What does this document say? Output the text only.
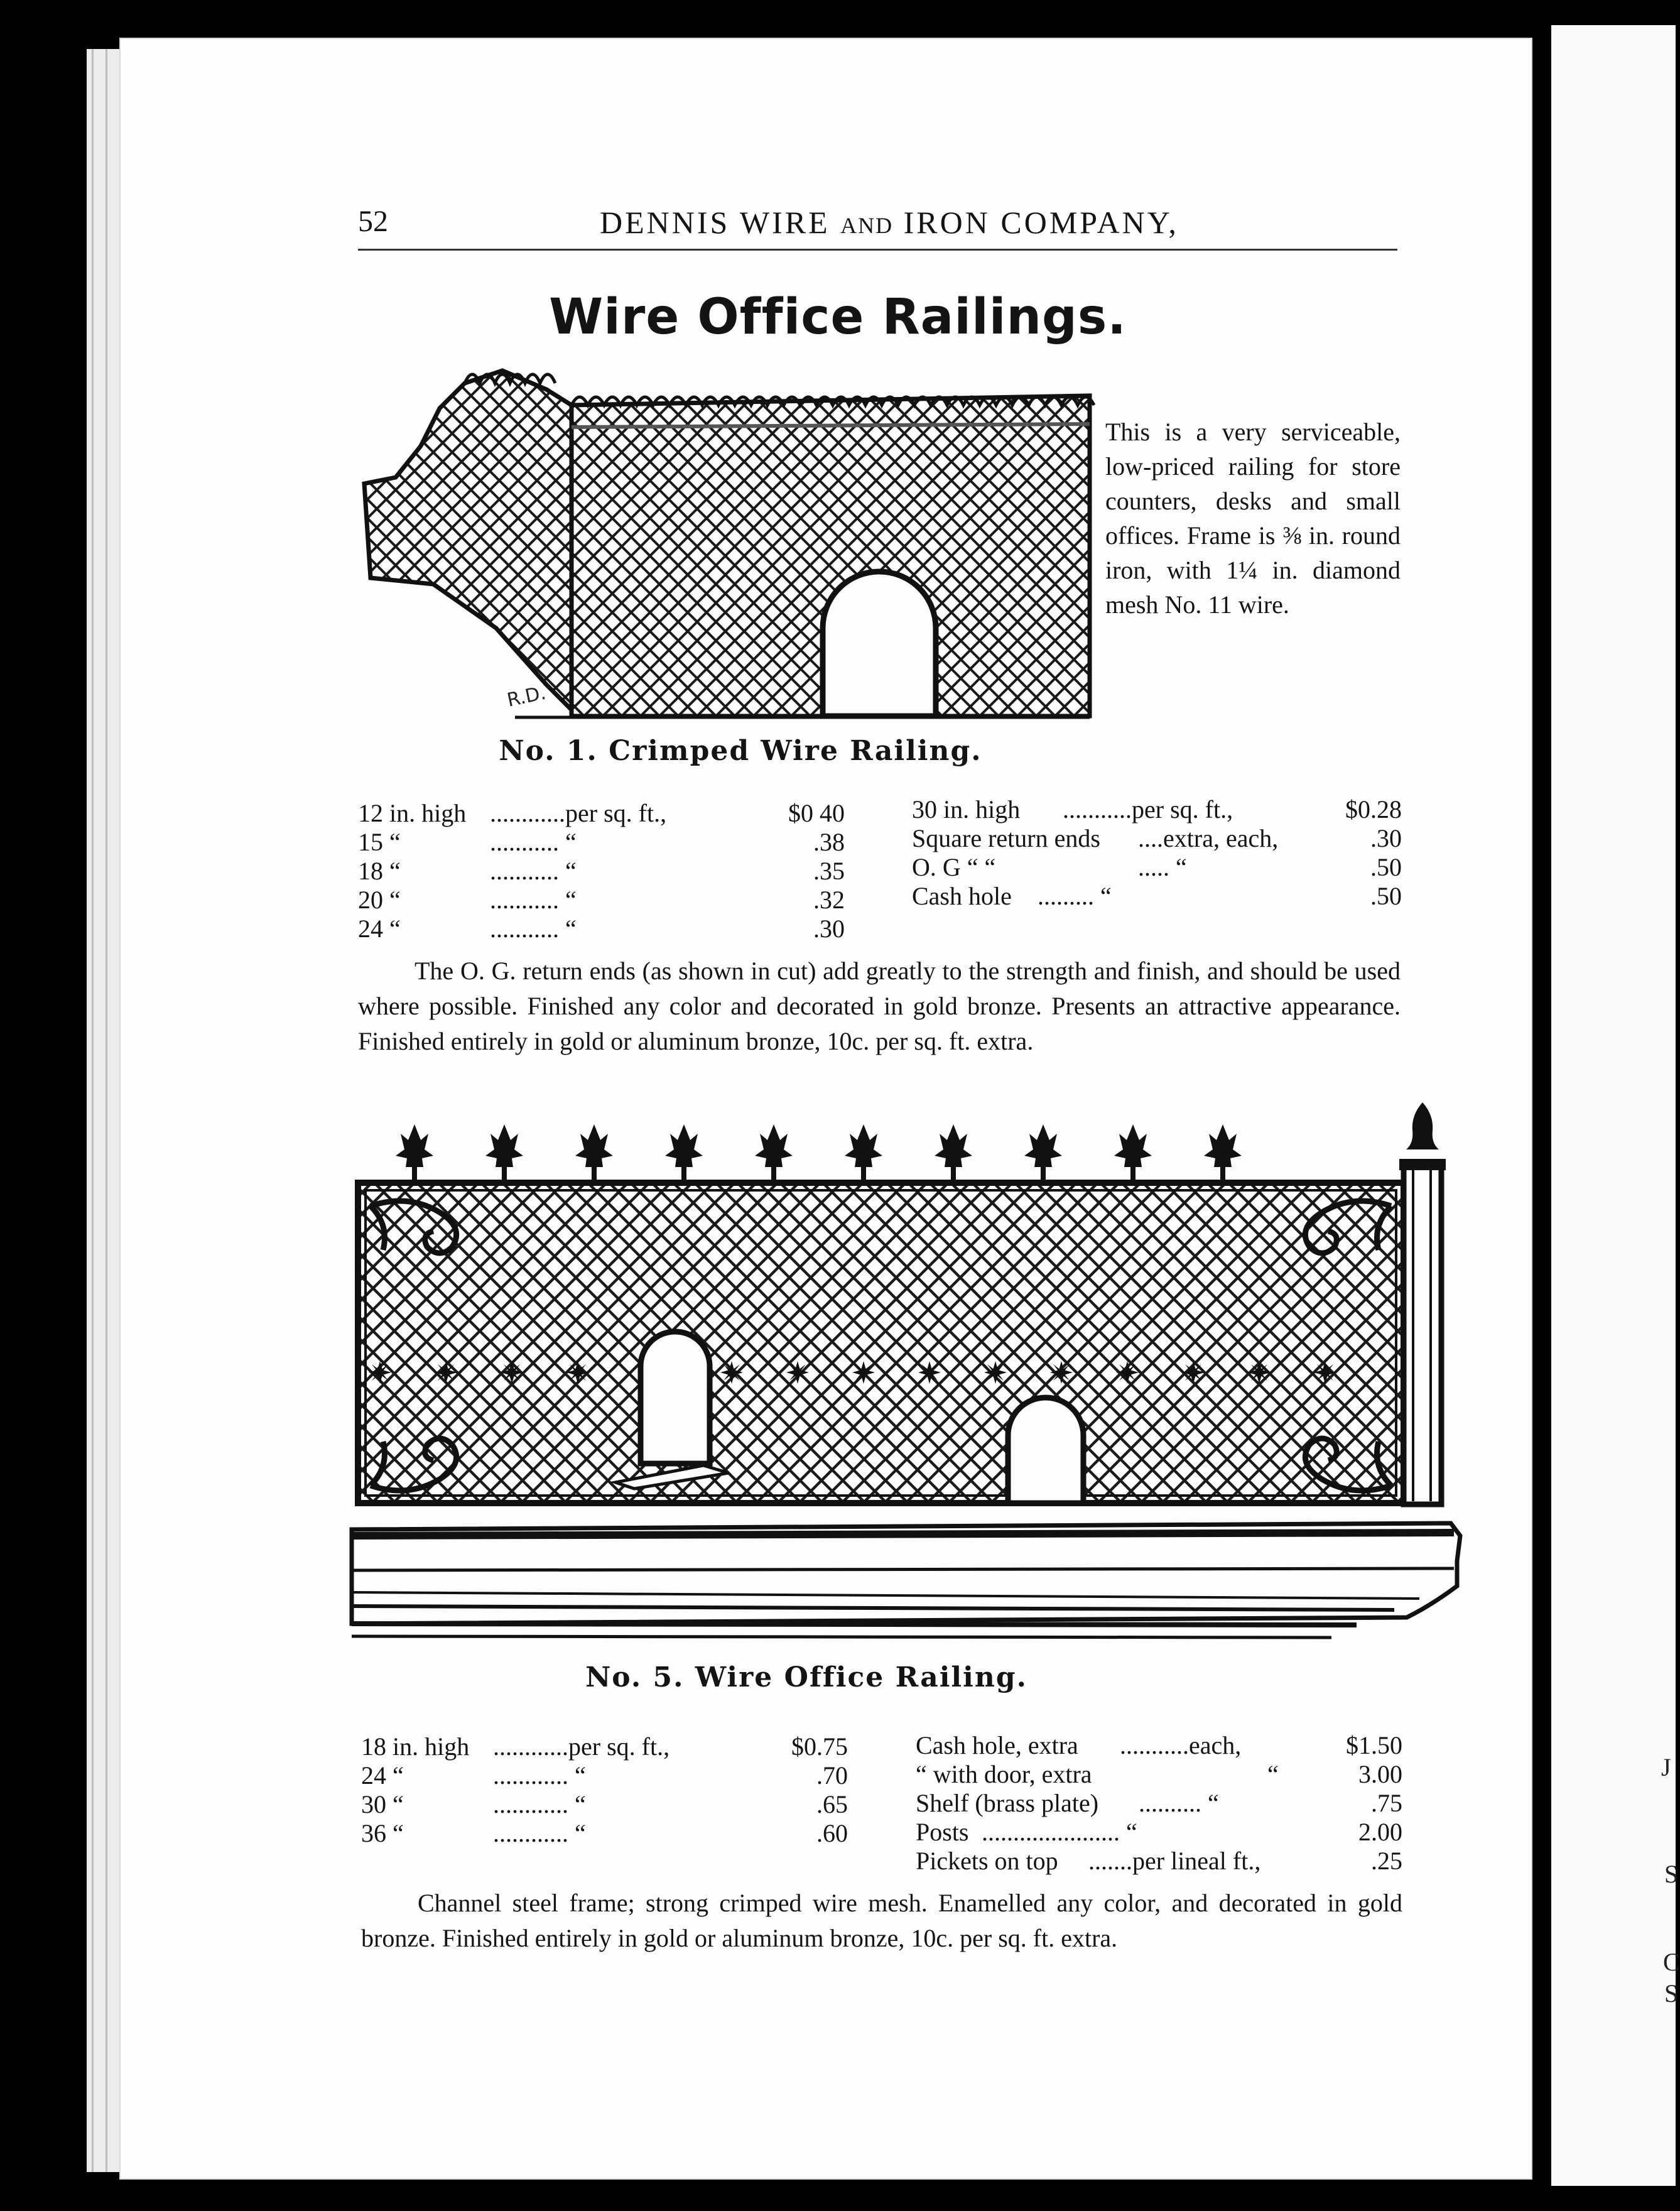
J
S
C
S
52	DENNIS WIRE AND IRON COMPANY,
Wire Office Railings.
R.D.
This is a very serviceable, low-priced railing for store counters, desks and small offices. Frame is ⅜ in. round iron, with 1¼ in. diamond mesh No. 11 wire.
No. 1. Crimped Wire Railing.
12 in. high ............per sq. ft.,	$0 40
15 “	........... “	.38
18 “	........... “	.35
20 “	........... “	.32
24 “	........... “	.30
30 in. high ...........per sq. ft.,	$0.28
Square return ends ....extra, each,	.30
O. G “ “	..... “	.50
Cash hole ......... “	.50
The O. G. return ends (as shown in cut) add greatly to the strength and finish, and should be used where possible. Finished any color and decorated in gold bronze. Presents an attractive appearance. Finished entirely in gold or aluminum bronze, 10c. per sq. ft. extra.
No. 5. Wire Office Railing.
18 in. high ............per sq. ft.,	$0.75
24 “	............ “	.70
30 “	............ “	.65
36 “	............ “	.60
Cash hole, extra ...........each,	$1.50
“ with door, extra	“	3.00
Shelf (brass plate) .......... “	.75
Posts ...................... “	2.00
Pickets on top .......per lineal ft.,	.25
Channel steel frame; strong crimped wire mesh. Enamelled any color, and decorated in gold bronze. Finished entirely in gold or aluminum bronze, 10c. per sq. ft. extra.
